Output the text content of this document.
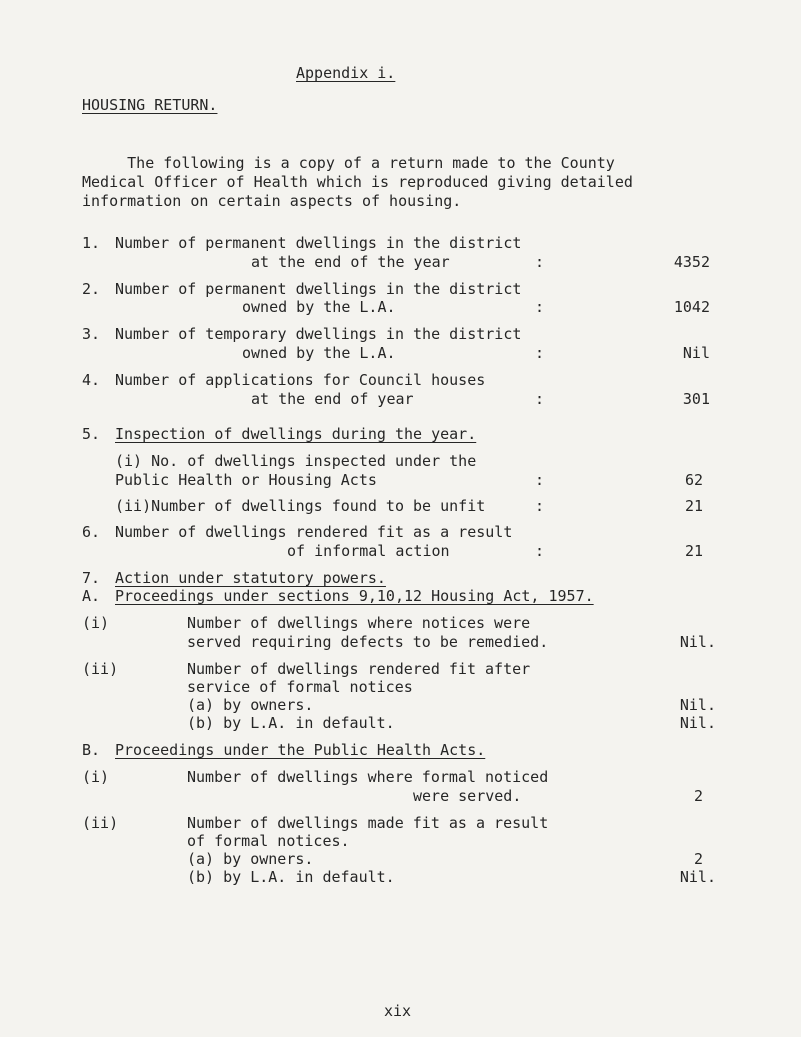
Appendix i.
HOUSING RETURN.
The following is a copy of a return made to the County
Medical Officer of Health which is reproduced giving detailed
information on certain aspects of housing.
1. Number of permanent dwellings in the district
at the end of the year	:	4352
2. Number of permanent dwellings in the district
owned by the L.A.	:	1042
3. Number of temporary dwellings in the district
owned by the L.A.	:	Nil
4. Number of applications for Council houses
at the end of year	:	301
5. Inspection of dwellings during the year.
(i) No. of dwellings inspected under the
Public Health or Housing Acts	:	62
(ii)Number of dwellings found to be unfit	:	21
6. Number of dwellings rendered fit as a result
of informal action	:	21
7. Action under statutory powers.
A. Proceedings under sections 9,10,12 Housing Act, 1957.
(i)	Number of dwellings where notices were
served requiring defects to be remedied.	Nil.
(ii)	Number of dwellings rendered fit after
service of formal notices
(a) by owners.	Nil.
(b) by L.A. in default.	Nil.
B. Proceedings under the Public Health Acts.
(i)	Number of dwellings where formal noticed
were served.	2
(ii)	Number of dwellings made fit as a result
of formal notices.
(a) by owners.	2
(b) by L.A. in default.	Nil.
xix
